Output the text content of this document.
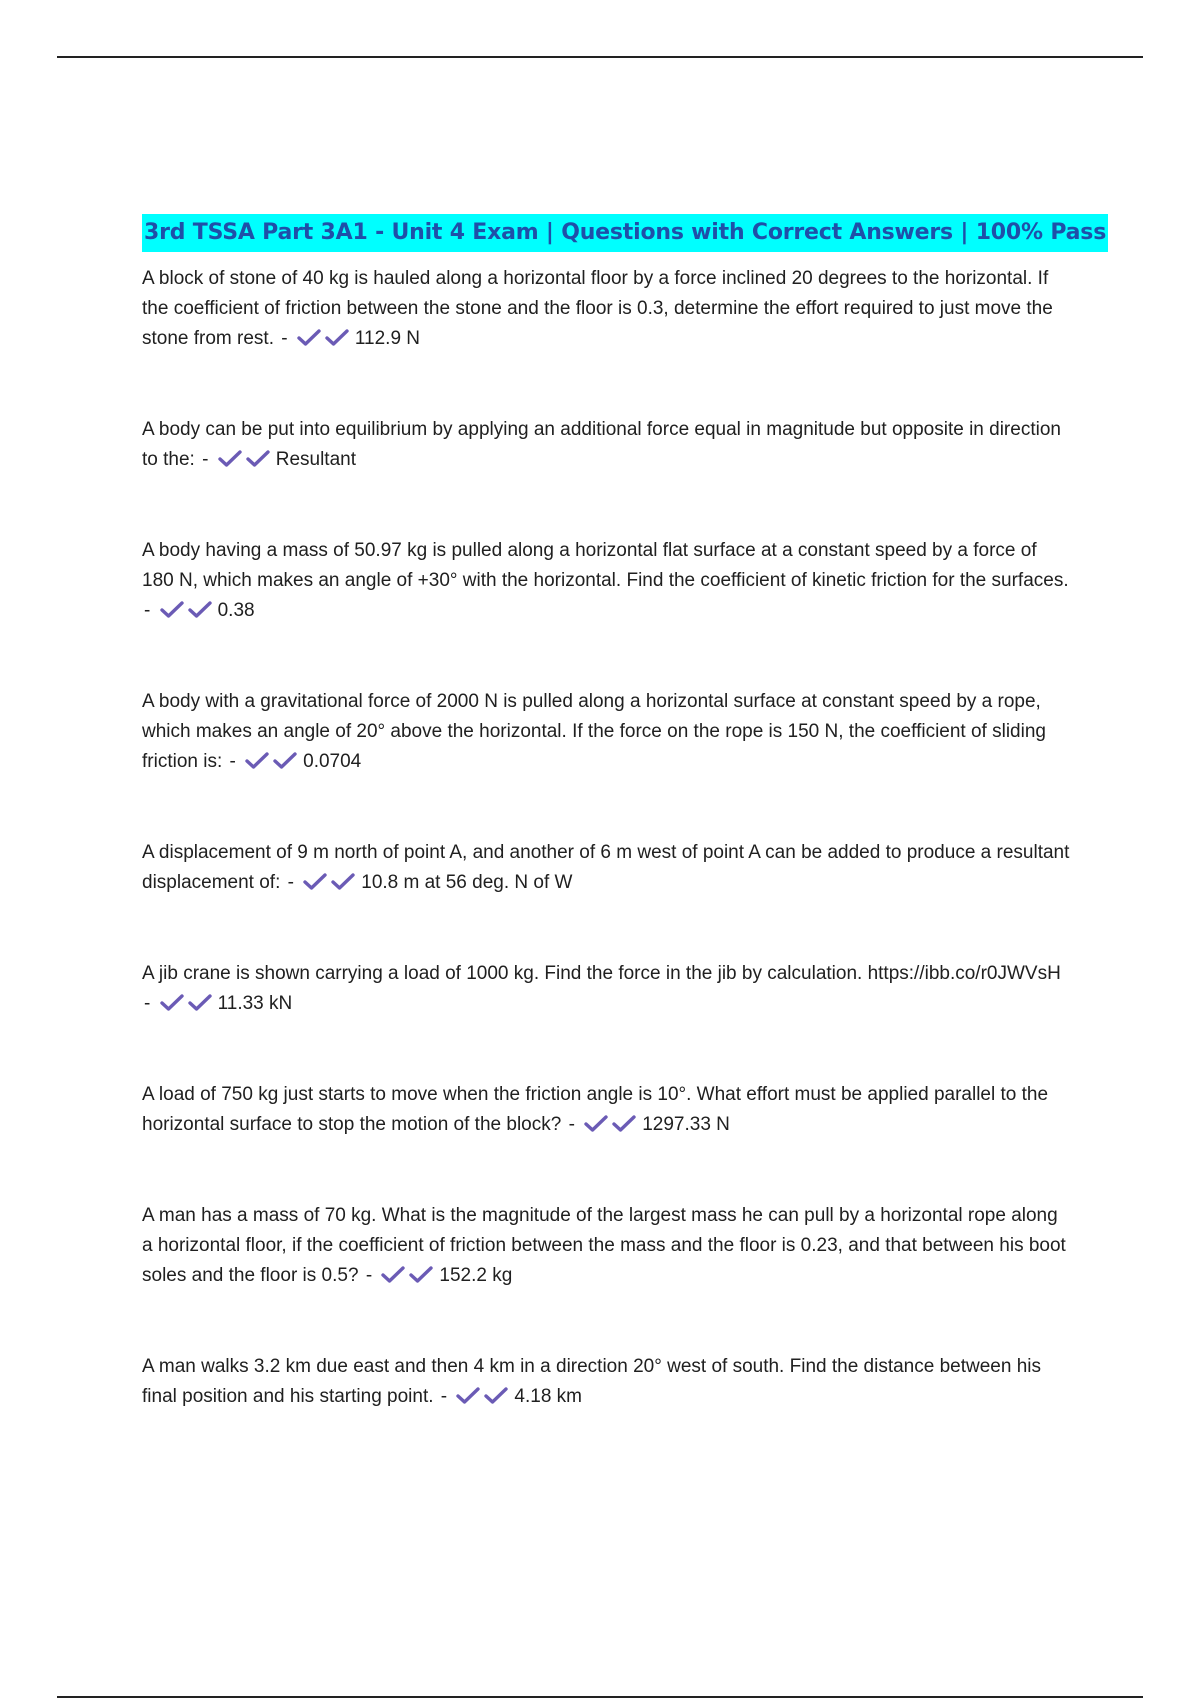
3rd TSSA Part 3A1 - Unit 4 Exam | Questions with Correct Answers | 100% Pass
A block of stone of 40 kg is hauled along a horizontal floor by a force inclined 20 degrees to the horizontal. If the coefficient of friction between the stone and the floor is 0.3, determine the effort required to just move the stone from rest. -	112.9 N
A body can be put into equilibrium by applying an additional force equal in magnitude but opposite in direction to the: -	Resultant
A body having a mass of 50.97 kg is pulled along a horizontal flat surface at a constant speed by a force of 180 N, which makes an angle of +30° with the horizontal. Find the coefficient of kinetic friction for the surfaces. -	0.38
A body with a gravitational force of 2000 N is pulled along a horizontal surface at constant speed by a rope, which makes an angle of 20° above the horizontal. If the force on the rope is 150 N, the coefficient of sliding friction is: -	0.0704
A displacement of 9 m north of point A, and another of 6 m west of point A can be added to produce a resultant displacement of: -	10.8 m at 56 deg. N of W
A jib crane is shown carrying a load of 1000 kg. Find the force in the jib by calculation. https://ibb.co/r0JWVsH -	11.33 kN
A load of 750 kg just starts to move when the friction angle is 10°. What effort must be applied parallel to the horizontal surface to stop the motion of the block? -	1297.33 N
A man has a mass of 70 kg. What is the magnitude of the largest mass he can pull by a horizontal rope along a horizontal floor, if the coefficient of friction between the mass and the floor is 0.23, and that between his boot soles and the floor is 0.5? -	152.2 kg
A man walks 3.2 km due east and then 4 km in a direction 20° west of south. Find the distance between his final position and his starting point. -	4.18 km
